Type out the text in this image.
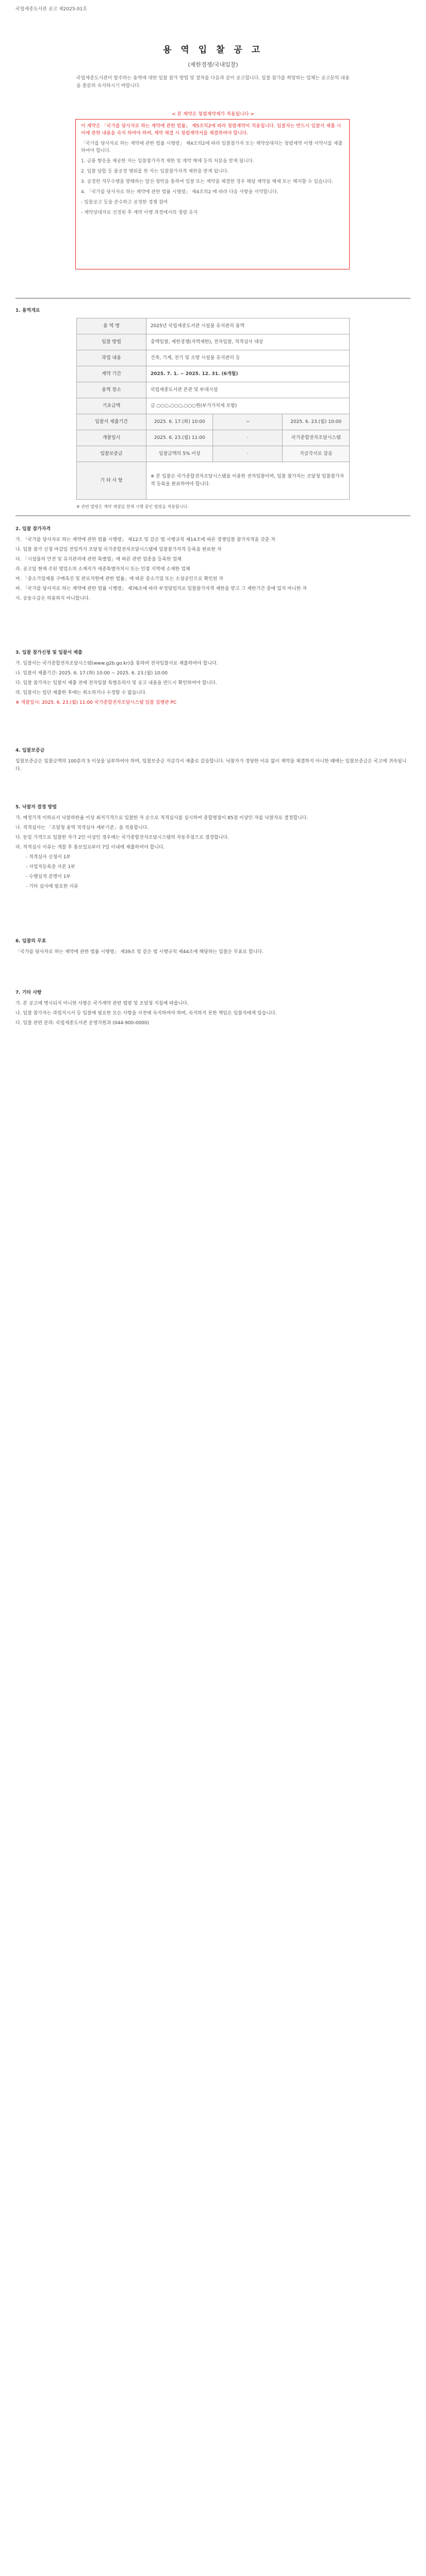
국립세종도서관 공고 제2025-01호
용 역 입 찰 공 고
(제한경쟁/국내입찰)
국립세종도서관이 발주하는 용역에 대한 입찰 참가 방법 및 절차를 다음과 같이 공고합니다. 입찰 참가를 희망하는 업체는 공고문의 내용을 충분히 숙지하시기 바랍니다.
< 본 계약은 청렴계약제가 적용됩니다 >

이 계약은 「국가를 당사자로 하는 계약에 관한 법률」 제5조의2에 따라 청렴계약이 적용됩니다. 입찰자는 반드시 입찰서 제출 시 이에 관한 내용을 숙지 하여야 하며, 계약 체결 시 청렴계약서를 체결하여야 합니다.

「국가를 당사자로 하는 계약에 관한 법률 시행령」 제4조의2에 따라 입찰참가자 또는 계약상대자는 청렴계약 이행 서약서를 제출하여야 합니다.

1. 금품 향응을 제공한 자는 입찰참가자격 제한 및 계약 해제 등의 처분을 받게 됩니다.

2. 입찰 담합 등 불공정 행위를 한 자는 입찰참가자격 제한을 받게 됩니다.

3. 공정한 직무수행을 방해하는 알선·청탁을 통하여 입찰 또는 계약을 체결한 경우 해당 계약을 해제 또는 해지할 수 있습니다.

4. 「국가를 당사자로 하는 계약에 관한 법률 시행령」 제4조의2 에 따라 다음 사항을 서약합니다.

- 입찰공고 등을 준수하고 공정한 경쟁 참여

- 계약상대자로 선정된 후 계약 이행 과정에서의 청렴 유지

1. 용역개요
용 역 명	2025년 국립세종도서관 시설물 유지관리 용역		
입찰 방법	총액입찰, 제한경쟁(지역제한), 전자입찰, 적격심사 대상		
과업 내용	건축, 기계, 전기 및 소방 시설물 유지관리 등		
계약 기간	2025. 7. 1. ~ 2025. 12. 31. (6개월)		
용역 장소	국립세종도서관 본관 및 부대시설		
기초금액	금 ○○○,○○○,○○○원(부가가치세 포함)		
입찰서 제출기간	2025. 6. 17.(화) 10:00	~	2025. 6. 23.(월) 10:00
개찰일시	2025. 6. 23.(월) 11:00	·	국가종합전자조달시스템
입찰보증금	입찰금액의 5% 이상	·	지급각서로 갈음
기 타 사 항	※ 본 입찰은 국가종합전자조달시스템을 이용한 전자입찰이며, 입찰 참가자는 조달청 입찰참가자격 등록을 완료하여야 합니다.		
※ 관련 법령은 계약 체결일 현재 시행 중인 법령을 적용합니다.
2. 입찰 참가자격

가. 「국가를 당사자로 하는 계약에 관한 법률 시행령」 제12조 및 같은 법 시행규칙 제14조에 따른 경쟁입찰 참가자격을 갖춘 자

나. 입찰 참가 신청 마감일 전일까지 조달청 국가종합전자조달시스템에 입찰참가자격 등록을 완료한 자

다. 「시설물의 안전 및 유지관리에 관한 특별법」에 따른 관련 업종을 등록한 업체

라. 공고일 현재 주된 영업소의 소재지가 세종특별자치시 또는 인접 지역에 소재한 업체

마. 「중소기업제품 구매촉진 및 판로지원에 관한 법률」에 따른 중소기업 또는 소상공인으로 확인된 자

바. 「국가를 당사자로 하는 계약에 관한 법률 시행령」 제76조에 따라 부정당업자로 입찰참가자격 제한을 받고 그 제한기간 중에 있지 아니한 자

사. 공동수급은 허용하지 아니합니다.

3. 입찰 참가신청 및 입찰서 제출

가. 입찰서는 국가종합전자조달시스템(www.g2b.go.kr)을 통하여 전자입찰서로 제출하여야 합니다.

나. 입찰서 제출기간: 2025. 6. 17.(화) 10:00 ~ 2025. 6. 23.(월) 10:00

다. 입찰 참가자는 입찰서 제출 전에 전자입찰 특별유의서 및 공고 내용을 반드시 확인하여야 합니다.

라. 입찰서는 일단 제출한 후에는 취소하거나 수정할 수 없습니다.

※ 개찰일시: 2025. 6. 23.(월) 11:00 국가종합전자조달시스템 입찰 집행관 PC

4. 입찰보증금

입찰보증금은 입찰금액의 100분의 5 이상을 납부하여야 하며, 입찰보증금 지급각서 제출로 갈음합니다. 낙찰자가 정당한 이유 없이 계약을 체결하지 아니한 때에는 입찰보증금은 국고에 귀속됩니다.

5. 낙찰자 결정 방법

가. 예정가격 이하로서 낙찰하한율 이상 최저가격으로 입찰한 자 순으로 적격심사를 실시하여 종합평점이 85점 이상인 자를 낙찰자로 결정합니다.

나. 적격심사는 「조달청 용역 적격심사 세부기준」을 적용합니다.

다. 동일 가격으로 입찰한 자가 2인 이상인 경우에는 국가종합전자조달시스템의 자동추첨으로 결정합니다.

라. 적격심사 서류는 개찰 후 통보일로부터 7일 이내에 제출하여야 합니다.

- 적격심사 신청서 1부

- 사업자등록증 사본 1부

- 수행실적 증명서 1부

- 기타 심사에 필요한 서류

6. 입찰의 무효

「국가를 당사자로 하는 계약에 관한 법률 시행령」 제39조 및 같은 법 시행규칙 제44조에 해당하는 입찰은 무효로 합니다.

7. 기타 사항

가. 본 공고에 명시되지 아니한 사항은 국가계약 관련 법령 및 조달청 지침에 따릅니다.

나. 입찰 참가자는 과업지시서 등 입찰에 필요한 모든 사항을 사전에 숙지하여야 하며, 숙지하지 못한 책임은 입찰자에게 있습니다.

다. 입찰 관련 문의: 국립세종도서관 운영지원과 (044-900-0000)
